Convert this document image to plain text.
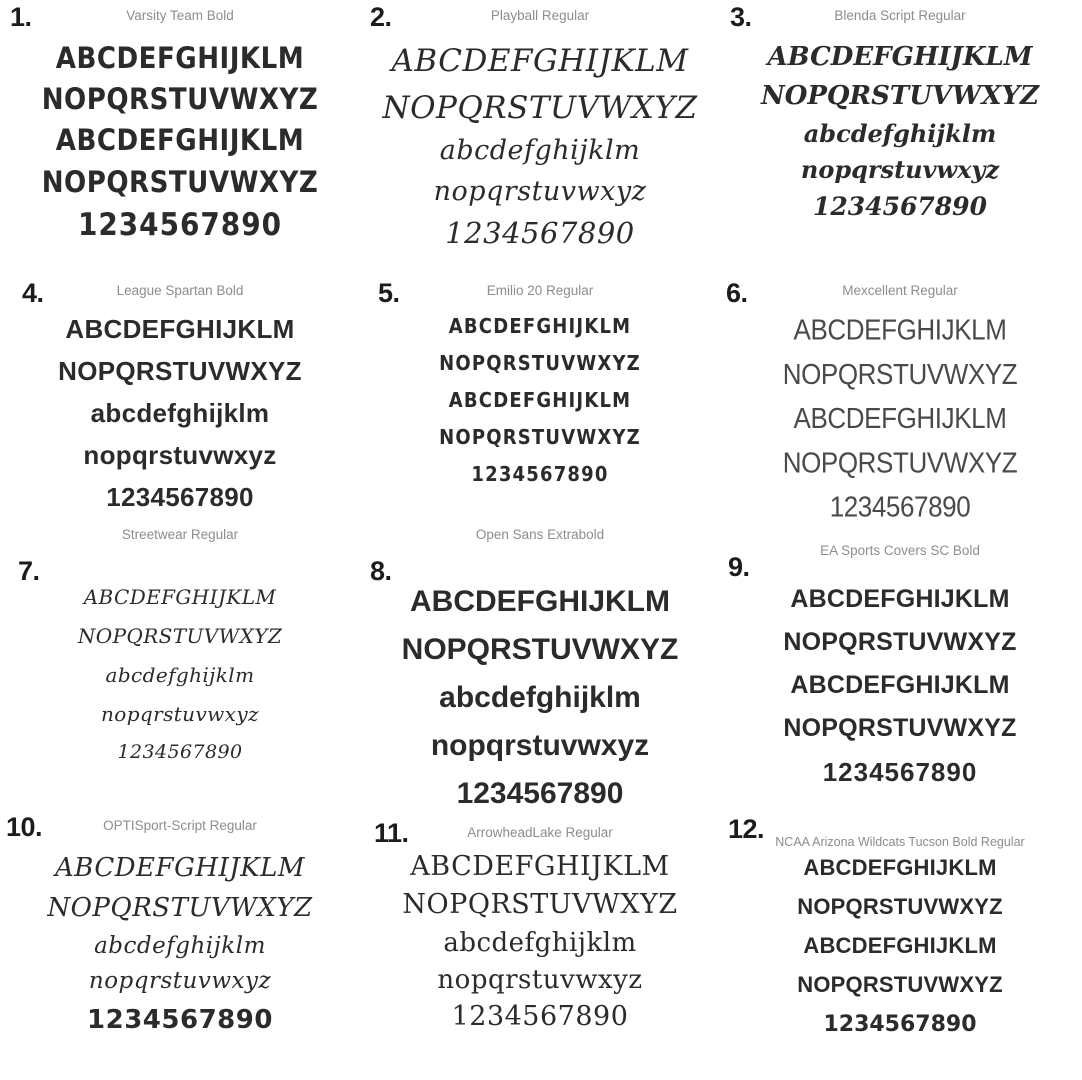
1.	Varsity Team Bold
ABCDEFGHIJKLM
NOPQRSTUVWXYZ
ABCDEFGHIJKLM
NOPQRSTUVWXYZ
1234567890
2.	Playball Regular
ABCDEFGHIJKLM
NOPQRSTUVWXYZ
abcdefghijklm
nopqrstuvwxyz
1234567890
3.	Blenda Script Regular
ABCDEFGHIJKLM
NOPQRSTUVWXYZ
abcdefghijklm
nopqrstuvwxyz
1234567890
4.	League Spartan Bold
ABCDEFGHIJKLM
NOPQRSTUVWXYZ
abcdefghijklm
nopqrstuvwxyz
1234567890
5.	Emilio 20 Regular
ABCDEFGHIJKLM
NOPQRSTUVWXYZ
ABCDEFGHIJKLM
NOPQRSTUVWXYZ
1234567890
6.	Mexcellent Regular
ABCDEFGHIJKLM
NOPQRSTUVWXYZ
ABCDEFGHIJKLM
NOPQRSTUVWXYZ
1234567890
Streetwear Regular
7.
ABCDEFGHIJKLM
NOPQRSTUVWXYZ
abcdefghijklm
nopqrstuvwxyz
1234567890
Open Sans Extrabold
8.
ABCDEFGHIJKLM
NOPQRSTUVWXYZ
abcdefghijklm
nopqrstuvwxyz
1234567890
EA Sports Covers SC Bold
9.
ABCDEFGHIJKLM
NOPQRSTUVWXYZ
ABCDEFGHIJKLM
NOPQRSTUVWXYZ
1234567890
10.	OPTISport-Script Regular
ABCDEFGHIJKLM
NOPQRSTUVWXYZ
abcdefghijklm
nopqrstuvwxyz
1234567890
11.	ArrowheadLake Regular
ABCDEFGHIJKLM
NOPQRSTUVWXYZ
abcdefghijklm
nopqrstuvwxyz
1234567890
12. NCAA Arizona Wildcats Tucson Bold Regular
ABCDEFGHIJKLM
NOPQRSTUVWXYZ
ABCDEFGHIJKLM
NOPQRSTUVWXYZ
1234567890
